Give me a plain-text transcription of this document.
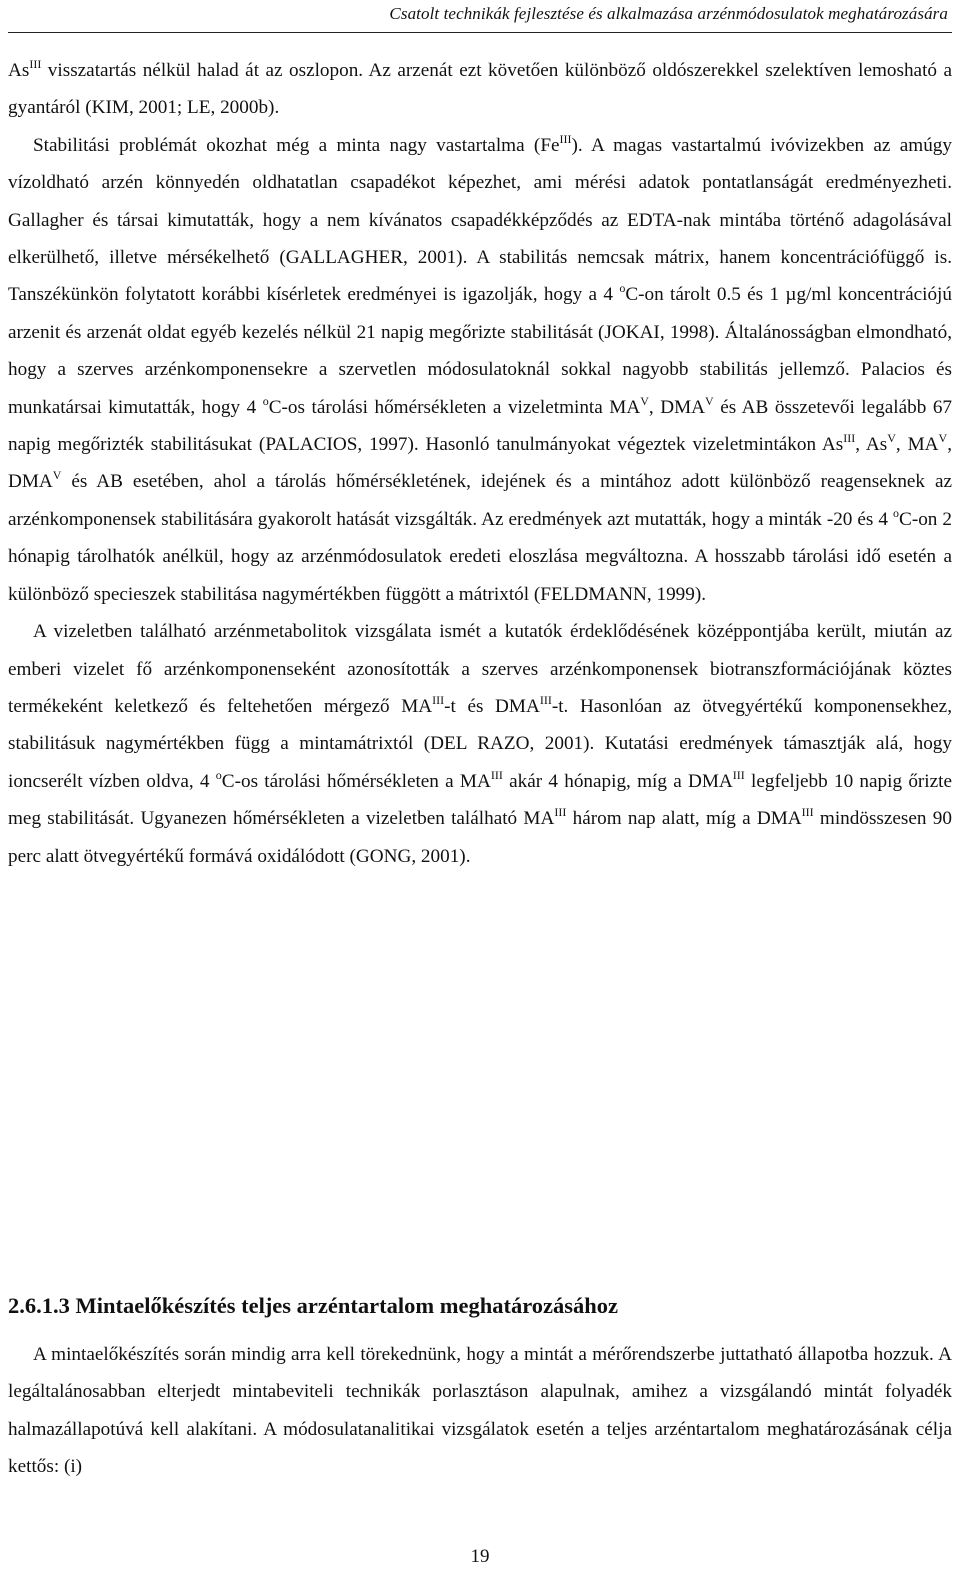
Csatolt technikák fejlesztése és alkalmazása arzénmódosulatok meghatározására

$As^{III}$ visszatartás nélkül halad át az oszlopon. Az arzenát ezt követően különböző oldószerekkel szelektíven lemosható a gyantáról (KIM, 2001; LE, 2000b).

Stabilitási problémát okozhat még a minta nagy vastartalma $(Fe^{III})$. A magas vastartalmú ivóvizekben az amúgy vízoldható arzén könnyedén oldhatatlan csapadékot képezhet, ami mérési adatok pontatlanságát eredményezheti. Gallagher és társai kimutatták, hogy a nem kívánatos csapadékképződés az EDTA-nak mintába történő adagolásával elkerülhető, illetve mérsékelhető (GALLAGHER, 2001). A stabilitás nemcsak mátrix, hanem koncentrációfüggő is. Tanszékünkön folytatott korábbi kísérletek eredményei is igazolják, hogy a 4 $^o$C-on tárolt 0.5 és 1 µg/ml koncentrációjú arzenit és arzenát oldat egyéb kezelés nélkül 21 napig megőrizte stabilitását (JOKAI, 1998). Általánosságban elmondható, hogy a szerves arzénkomponensekre a szervetlen módosulatoknál sokkal nagyobb stabilitás jellemző. Palacios és munkatársai kimutatták, hogy 4 $^o$C-os tárolási hőmérsékleten a vizeletminta $MA^V$, $DMA^V$ és AB összetevői legalább 67 napig megőrizték stabilitásukat (PALACIOS, 1997). Hasonló tanulmányokat végeztek vizeletmintákon $As^{III}$, $As^V$, $MA^V$, $DMA^V$ és AB esetében, ahol a tárolás hőmérsékletének, idejének és a mintához adott különböző reagenseknek az arzénkomponensek stabilitására gyakorolt hatását vizsgálták. Az eredmények azt mutatták, hogy a minták -20 és 4 $^o$C-on 2 hónapig tárolhatók anélkül, hogy az arzénmódosulatok eredeti eloszlása megváltozna. A hosszabb tárolási idő esetén a különböző specieszek stabilitása nagymértékben függött a mátrixtól (FELDMANN, 1999).

A vizeletben található arzénmetabolitok vizsgálata ismét a kutatók érdeklődésének középpontjába került, miután az emberi vizelet fő arzénkomponenseként azonosították a szerves arzénkomponensek biotranszformációjának köztes termékeként keletkező és feltehetően mérgező $MA^{III}-t$ és $DMA^{III}-t$. Hasonlóan az ötvegyértékű komponensekhez, stabilitásuk nagymértékben függ a mintamátrixtól (DEL RAZO, 2001). Kutatási eredmények támasztják alá, hogy ioncserélt vízben oldva, 4 $^o$C-os tárolási hőmérsékleten a $MA^{III}$ akár 4 hónapig, míg a $DMA^{III}$ legfeljebb 10 napig őrizte meg stabilitását. Ugyanezen hőmérsékleten a vizeletben található $MA^{III}$ három nap alatt, míg a $DMA^{III}$ mindösszesen 90 perc alatt ötvegyértékű formává oxidálódott (GONG, 2001).

2.6.1.3 Mintaelőkészítés teljes arzéntartalom meghatározásához

A mintaelőkészítés során mindig arra kell törekednünk, hogy a mintát a mérőrendszerbe juttatható állapotba hozzuk. A legáltalánosabban elterjedt mintabeviteli technikák porlasztáson alapulnak, amihez a vizsgálandó mintát folyadék halmazállapotúvá kell alakítani. A módosulatanalitikai vizsgálatok esetén a teljes arzéntartalom meghatározásának célja kettős: (i)

19
